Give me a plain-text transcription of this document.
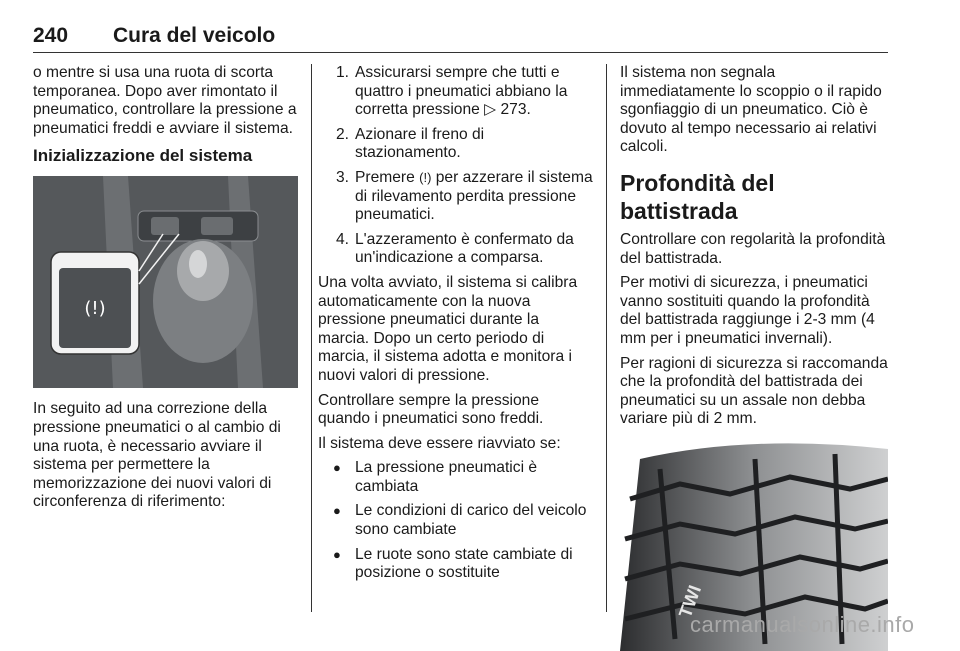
240 Cura del veicolo

o mentre si usa una ruota di scorta temporanea. Dopo aver rimontato il pneumatico, controllare la pressione a pneumatici freddi e avviare il sistema.

Inizializzazione del sistema
(!)

In seguito ad una correzione della pressione pneumatici o al cambio di una ruota, è necessario avviare il sistema per permettere la memorizzazione dei nuovi valori di circonferenza di riferimento:

1. Assicurarsi sempre che tutti e quattro i pneumatici abbiano la corretta pressione ▷ 273.
2. Azionare il freno di stazionamento.
3. Premere (!) per azzerare il sistema di rilevamento perdita pressione pneumatici.
4. L'azzeramento è confermato da un'indicazione a comparsa.

Una volta avviato, il sistema si calibra automaticamente con la nuova pressione pneumatici durante la marcia. Dopo un certo periodo di marcia, il sistema adotta e monitora i nuovi valori di pressione.

Controllare sempre la pressione quando i pneumatici sono freddi.

Il sistema deve essere riavviato se:

● La pressione pneumatici è cambiata
● Le condizioni di carico del veicolo sono cambiate
● Le ruote sono state cambiate di posizione o sostituite

Il sistema non segnala immediatamente lo scoppio o il rapido sgonfiaggio di un pneumatico. Ciò è dovuto al tempo necessario ai relativi calcoli.

Profondità del battistrada

Controllare con regolarità la profondità del battistrada.

Per motivi di sicurezza, i pneumatici vanno sostituiti quando la profondità del battistrada raggiunge i 2-3 mm (4 mm per i pneumatici invernali).

Per ragioni di sicurezza si raccomanda che la profondità del battistrada dei pneumatici su un assale non debba variare più di 2 mm.

TWI
carmanualsonline.info
